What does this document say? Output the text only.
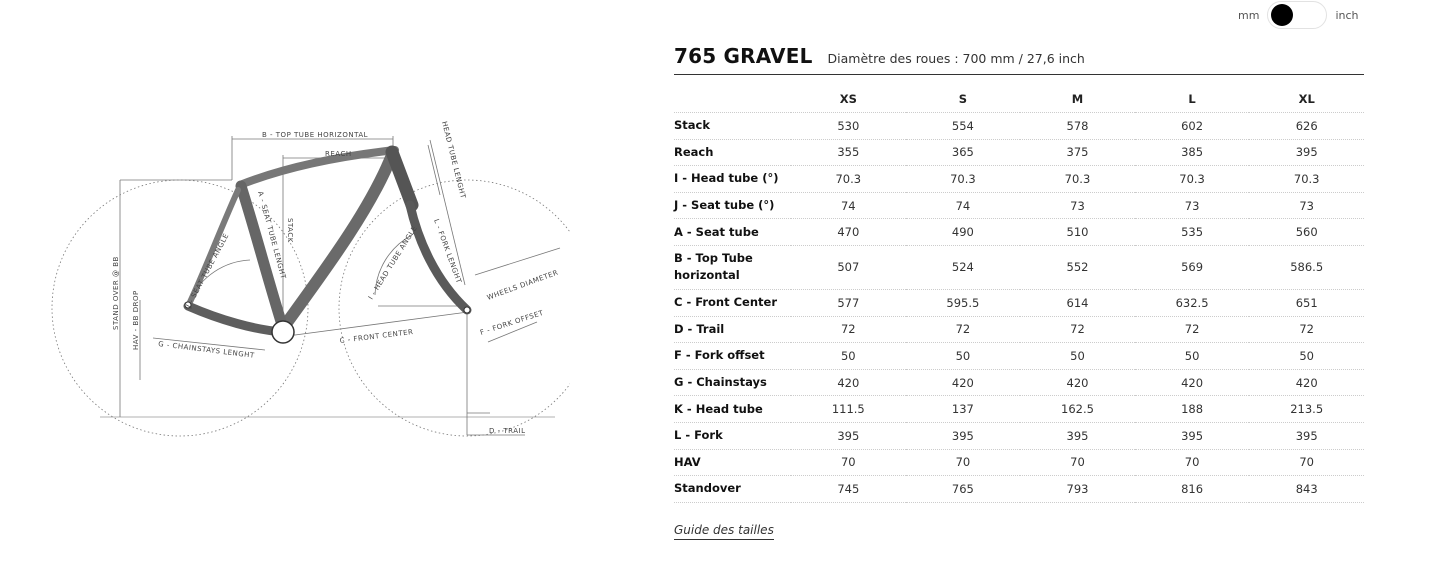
mm	inch
B - TOP TUBE HORIZONTAL
REACH	HEAD TUBE LENGHT
STACK
A - SEAT TUBE LENGHT
J - SEAT TUBE ANGLE	I - HEAD TUBE ANGLE L - FORK LENGHT
WHEELS DIAMETER
F - FORK OFFSET
C - FRONT CENTER
G - CHAINSTAYS LENGHT
STAND OVER @ BB HAV - BB DROP
D - TRAIL
765 GRAVEL Diamètre des roues : 700 mm / 27,6 inch
	XS	S	M	L	XL
Stack	530	554	578	602	626
Reach	355	365	375	385	395
I - Head tube (°)	70.3	70.3	70.3	70.3	70.3
J - Seat tube (°)	74	74	73	73	73
A - Seat tube	470	490	510	535	560
B - Top Tube horizontal	507	524	552	569	586.5
C - Front Center	577	595.5	614	632.5	651
D - Trail	72	72	72	72	72
F - Fork offset	50	50	50	50	50
G - Chainstays	420	420	420	420	420
K - Head tube	111.5	137	162.5	188	213.5
L - Fork	395	395	395	395	395
HAV	70	70	70	70	70
Standover	745	765	793	816	843
Guide des tailles
